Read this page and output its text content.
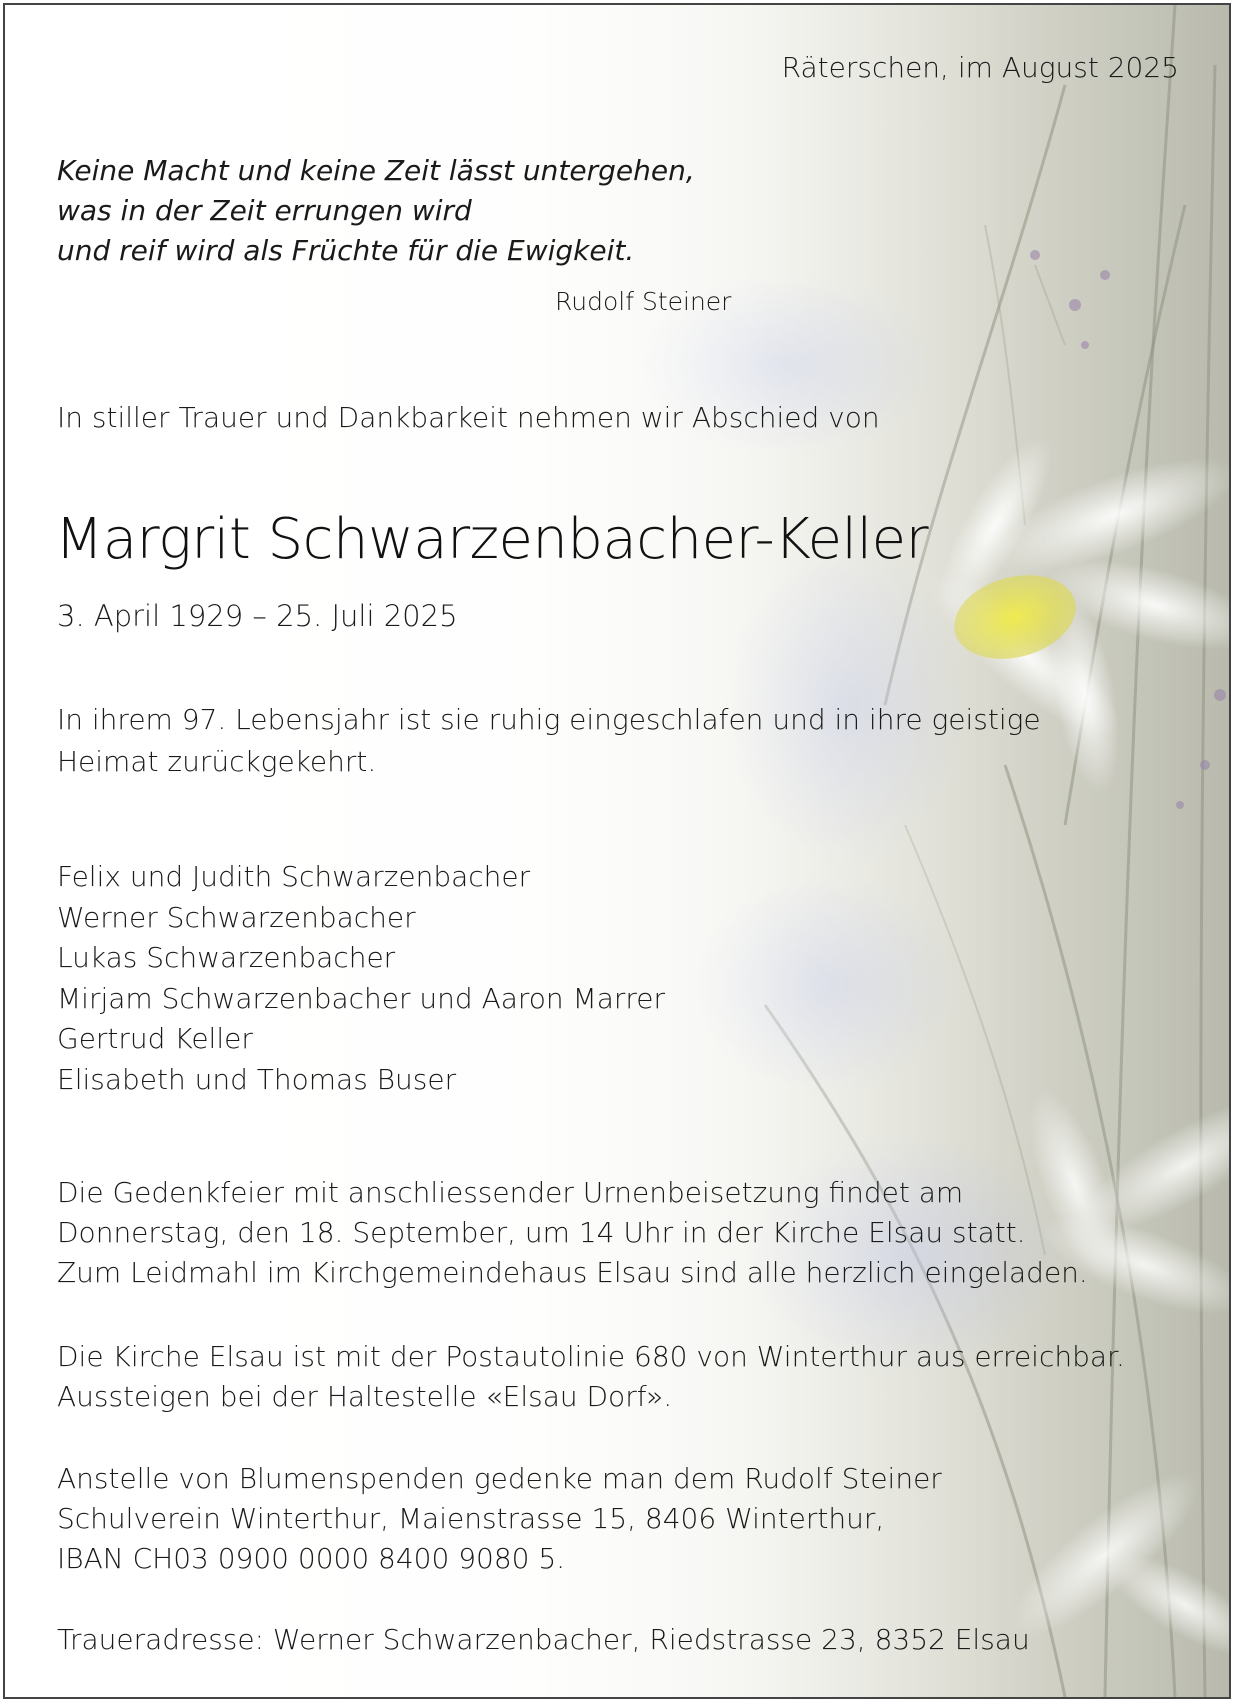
Räterschen, im August 2025
Keine Macht und keine Zeit lässt untergehen,
was in der Zeit errungen wird
und reif wird als Früchte für die Ewigkeit.
Rudolf Steiner
In stiller Trauer und Dankbarkeit nehmen wir Abschied von
Margrit Schwarzenbacher-Keller
3. April 1929 – 25. Juli 2025
In ihrem 97. Lebensjahr ist sie ruhig eingeschlafen und in ihre geistige
Heimat zurückgekehrt.
Felix und Judith Schwarzenbacher
Werner Schwarzenbacher
Lukas Schwarzenbacher
Mirjam Schwarzenbacher und Aaron Marrer
Gertrud Keller
Elisabeth und Thomas Buser
Die Gedenkfeier mit anschliessender Urnenbeisetzung findet am
Donnerstag, den 18. September, um 14 Uhr in der Kirche Elsau statt.
Zum Leidmahl im Kirchgemeindehaus Elsau sind alle herzlich eingeladen.
Die Kirche Elsau ist mit der Postautolinie 680 von Winterthur aus erreichbar.
Aussteigen bei der Haltestelle «Elsau Dorf».
Anstelle von Blumenspenden gedenke man dem Rudolf Steiner
Schulverein Winterthur, Maienstrasse 15, 8406 Winterthur,
IBAN CH03 0900 0000 8400 9080 5.
Traueradresse: Werner Schwarzenbacher, Riedstrasse 23, 8352 Elsau
